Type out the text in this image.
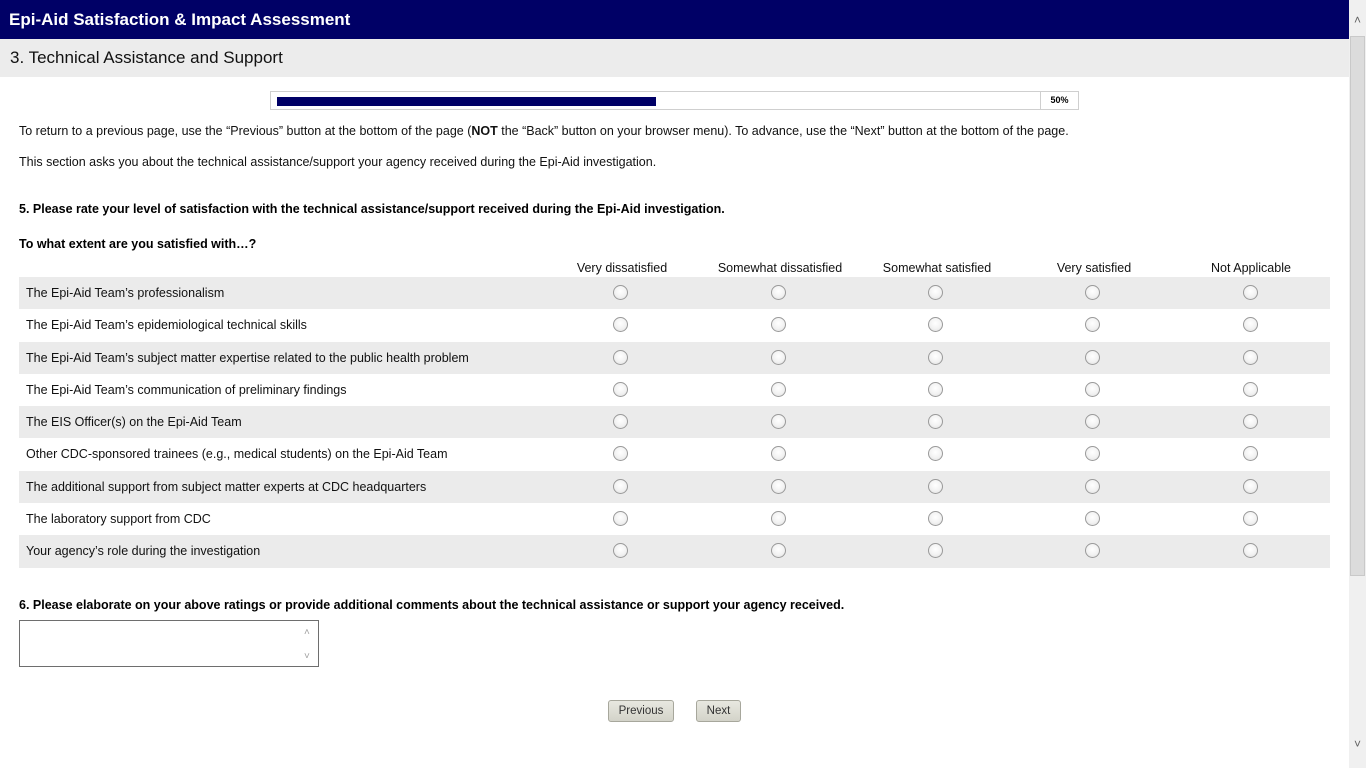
Epi-Aid Satisfaction & Impact Assessment
3. Technical Assistance and Support
50%
To return to a previous page, use the “Previous” button at the bottom of the page (NOT the “Back” button on your browser menu). To advance, use the “Next” button at the bottom of the page.
This section asks you about the technical assistance/support your agency received during the Epi-Aid investigation.
5. Please rate your level of satisfaction with the technical assistance/support received during the Epi-Aid investigation.
To what extent are you satisfied with…?
Very dissatisfied	Somewhat dissatisfied	Somewhat satisfied	Very satisfied	Not Applicable
The Epi-Aid Team’s professionalism
The Epi-Aid Team’s epidemiological technical skills
The Epi-Aid Team’s subject matter expertise related to the public health problem
The Epi-Aid Team’s communication of preliminary findings
The EIS Officer(s) on the Epi-Aid Team
Other CDC-sponsored trainees (e.g., medical students) on the Epi-Aid Team
The additional support from subject matter experts at CDC headquarters
The laboratory support from CDC
Your agency’s role during the investigation
6. Please elaborate on your above ratings or provide additional comments about the technical assistance or support your agency received.
˄
˅
Previous	Next
˄
˅
